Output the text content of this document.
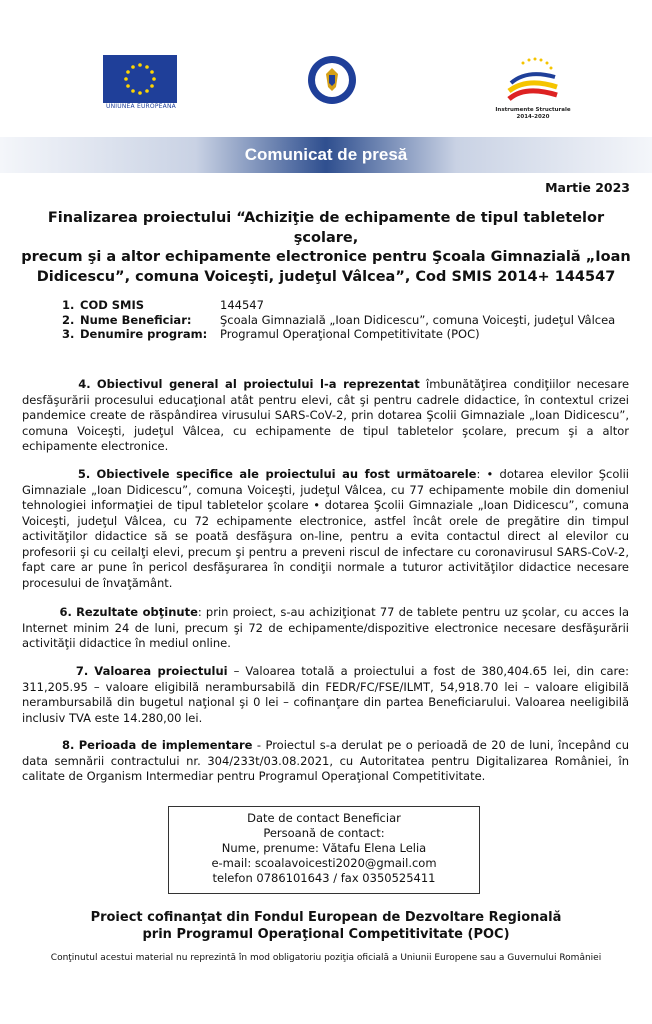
UNIUNEA EUROPEANĂ	Instrumente Structurale
2014-2020
Comunicat de presă
Martie 2023
Finalizarea proiectului “Achiziţie de echipamente de tipul tabletelor şcolare,
precum şi a altor echipamente electronice pentru Şcoala Gimnazială „Ioan
Didicescu”, comuna Voiceşti, judeţul Vâlcea”, Cod SMIS 2014+ 144547
1. COD SMIS	144547
2. Nume Beneficiar:	Şcoala Gimnazială „Ioan Didicescu”, comuna Voiceşti, judeţul Vâlcea
3. Denumire program:	Programul Operaţional Competitivitate (POC)
4. Obiectivul general al proiectului l-a reprezentat îmbunătăţirea condiţiilor necesare desfăşurării procesului educaţional atât pentru elevi, cât şi pentru cadrele didactice, în contextul crizei pandemice create de răspândirea virusului SARS-CoV-2, prin dotarea Şcolii Gimnaziale „Ioan Didicescu”, comuna Voiceşti, judeţul Vâlcea, cu echipamente de tipul tabletelor şcolare, precum şi a altor echipamente electronice.
5. Obiectivele specifice ale proiectului au fost următoarele: • dotarea elevilor Şcolii Gimnaziale „Ioan Didicescu”, comuna Voiceşti, judeţul Vâlcea, cu 77 echipamente mobile din domeniul tehnologiei informaţiei de tipul tabletelor şcolare • dotarea Şcolii Gimnaziale „Ioan Didicescu”, comuna Voiceşti, judeţul Vâlcea, cu 72 echipamente electronice, astfel încât orele de pregătire din timpul activităţilor didactice să se poată desfăşura on-line, pentru a evita contactul direct al elevilor cu profesorii şi cu ceilalţi elevi, precum şi pentru a preveni riscul de infectare cu coronavirusul SARS-CoV-2, fapt care ar pune în pericol desfăşurarea în condiţii normale a tuturor activităţilor didactice necesare procesului de învaţământ.
6. Rezultate obţinute: prin proiect, s-au achiziţionat 77 de tablete pentru uz şcolar, cu acces la Internet minim 24 de luni, precum şi 72 de echipamente/dispozitive electronice necesare desfăşurării activităţii didactice în mediul online.
7. Valoarea proiectului – Valoarea totală a proiectului a fost de 380,404.65 lei, din care: 311,205.95 – valoare eligibilă nerambursabilă din FEDR/FC/FSE/ILMT, 54,918.70 lei – valoare eligibilă nerambursabilă din bugetul naţional şi 0 lei – cofinanţare din partea Beneficiarului. Valoarea neeligibilă inclusiv TVA este 14.280,00 lei.
8. Perioada de implementare - Proiectul s-a derulat pe o perioadă de 20 de luni, începând cu data semnării contractului nr. 304/233t/03.08.2021, cu Autoritatea pentru Digitalizarea României, în calitate de Organism Intermediar pentru Programul Operaţional Competitivitate.
Date de contact Beneficiar
Persoană de contact:
Nume, prenume: Vătafu Elena Lelia
e-mail: scoalavoicesti2020@gmail.com
telefon 0786101643 / fax 0350525411
Proiect cofinanţat din Fondul European de Dezvoltare Regională
prin Programul Operaţional Competitivitate (POC)
Conţinutul acestui material nu reprezintă în mod obligatoriu poziţia oficială a Uniunii Europene sau a Guvernului României
